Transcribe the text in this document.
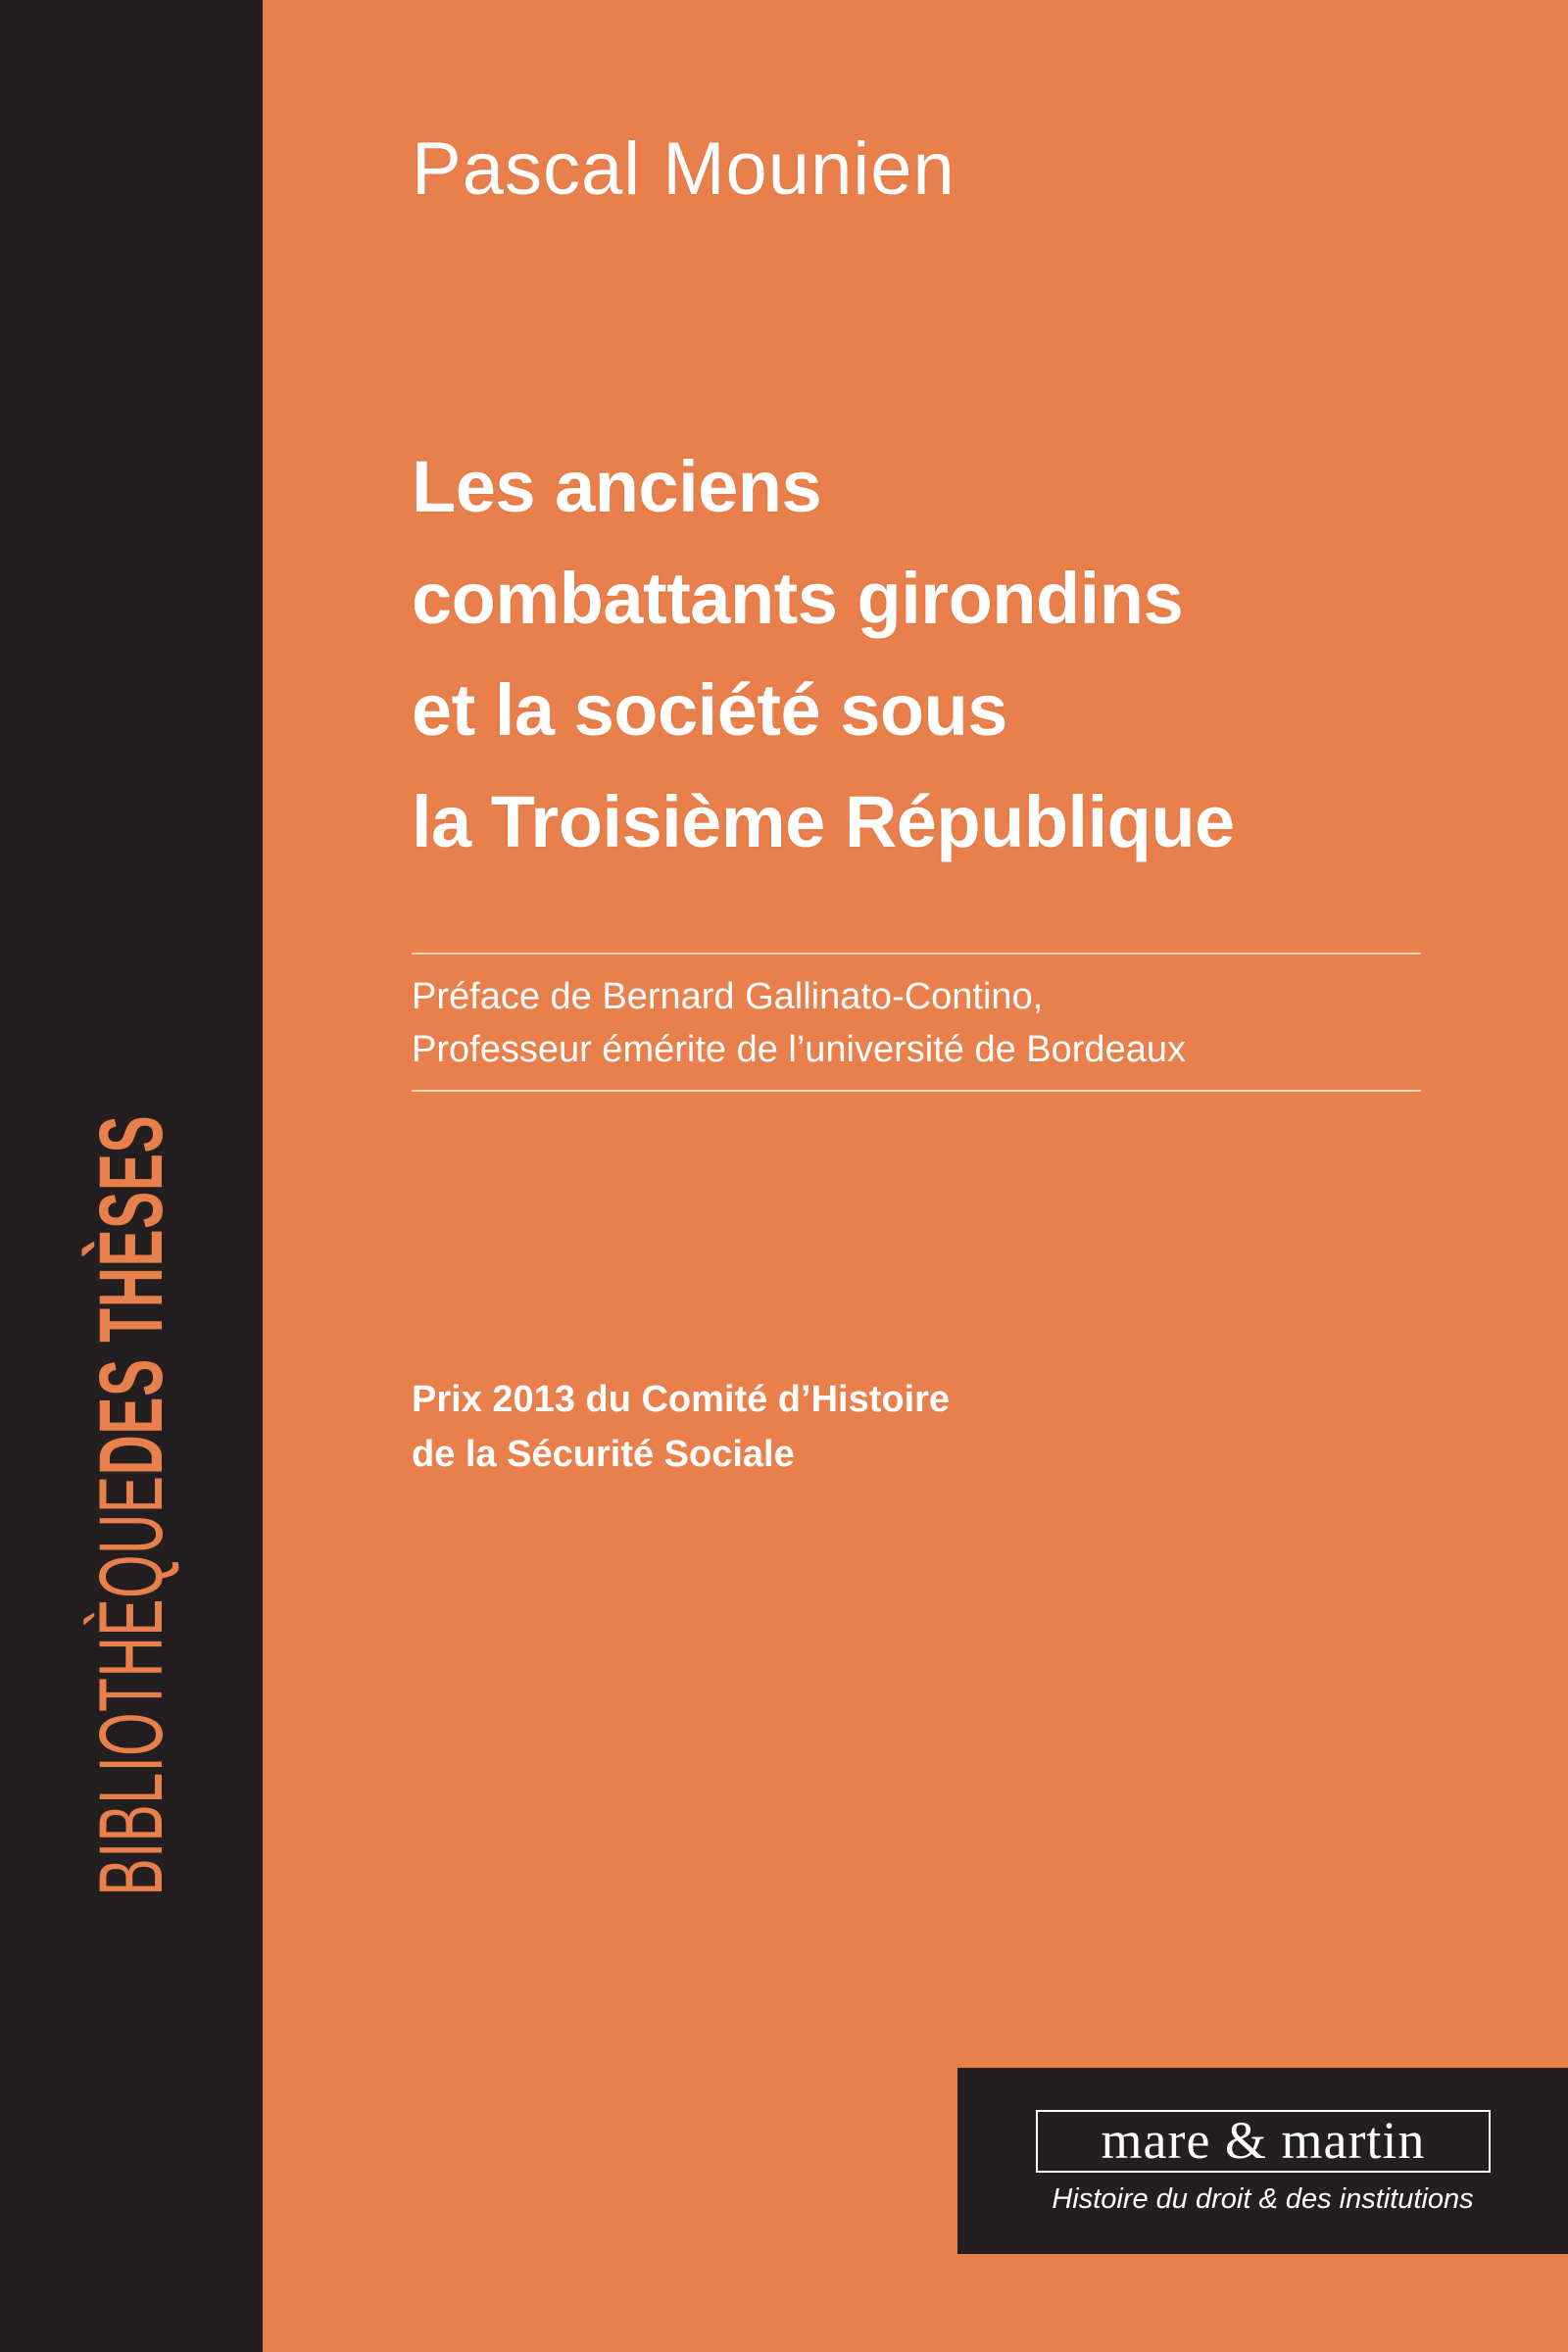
BIBLIOTHÈQUEDES THÈSES
Pascal Mounien
Les anciens
combattants girondins
et la société sous
la Troisième République
Préface de Bernard Gallinato-Contino,
Professeur émérite de l’université de Bordeaux
Prix 2013 du Comité d’Histoire
de la Sécurité Sociale
mare & martin
Histoire du droit & des institutions
